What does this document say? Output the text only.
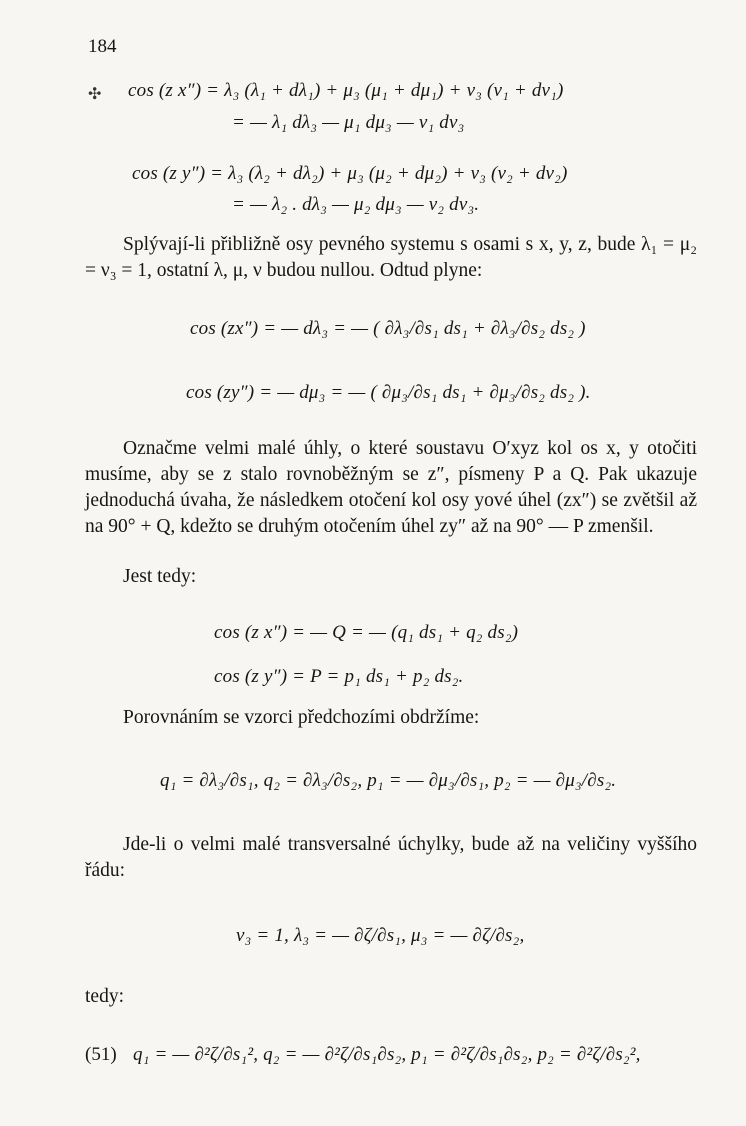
184
✣ cos (z x″) = λ₃ (λ₁ + dλ₁) + μ₃ (μ₁ + dμ₁) + ν₃ (ν₁ + dν₁)
= — λ₁ dλ₃ — μ₁ dμ₃ — ν₁ dν₃
cos (z y″) = λ₃ (λ₂ + dλ₂) + μ₃ (μ₂ + dμ₂) + ν₃ (ν₂ + dν₂)
= — λ₂ . dλ₃ — μ₂ dμ₃ — ν₂ dν₃.
Splývají-li přibližně osy pevného systemu s osami s x, y, z, bude λ₁ = μ₂ = ν₃ = 1, ostatní λ, μ, ν budou nullou. Odtud plyne:
cos (zx″) = — dλ₃ = — ( ∂λ₃/∂s₁ ds₁ + ∂λ₃/∂s₂ ds₂ )
cos (zy″) = — dμ₃ = — ( ∂μ₃/∂s₁ ds₁ + ∂μ₃/∂s₂ ds₂ ).
Označme velmi malé úhly, o které soustavu O′xyz kol os x, y otočiti musíme, aby se z stalo rovnoběžným se z″, písmeny P a Q. Pak ukazuje jednoduchá úvaha, že následkem otočení kol osy yové úhel (zx″) se zvětšil až na 90° + Q, kdežto se druhým otočením úhel zy″ až na 90° — P zmenšil.
Jest tedy:
cos (z x″) = — Q = — (q₁ ds₁ + q₂ ds₂)
cos (z y″) = P = p₁ ds₁ + p₂ ds₂.
Porovnáním se vzorci předchozími obdržíme:
q₁ = ∂λ₃/∂s₁, q₂ = ∂λ₃/∂s₂, p₁ = — ∂μ₃/∂s₁, p₂ = — ∂μ₃/∂s₂.
Jde-li o velmi malé transversalné úchylky, bude až na veličiny vyššího řádu:
ν₃ = 1, λ₃ = — ∂ζ/∂s₁, μ₃ = — ∂ζ/∂s₂,
tedy:
(51) q₁ = — ∂²ζ/∂s₁², q₂ = — ∂²ζ/∂s₁∂s₂, p₁ = ∂²ζ/∂s₁∂s₂, p₂ = ∂²ζ/∂s₂²,
